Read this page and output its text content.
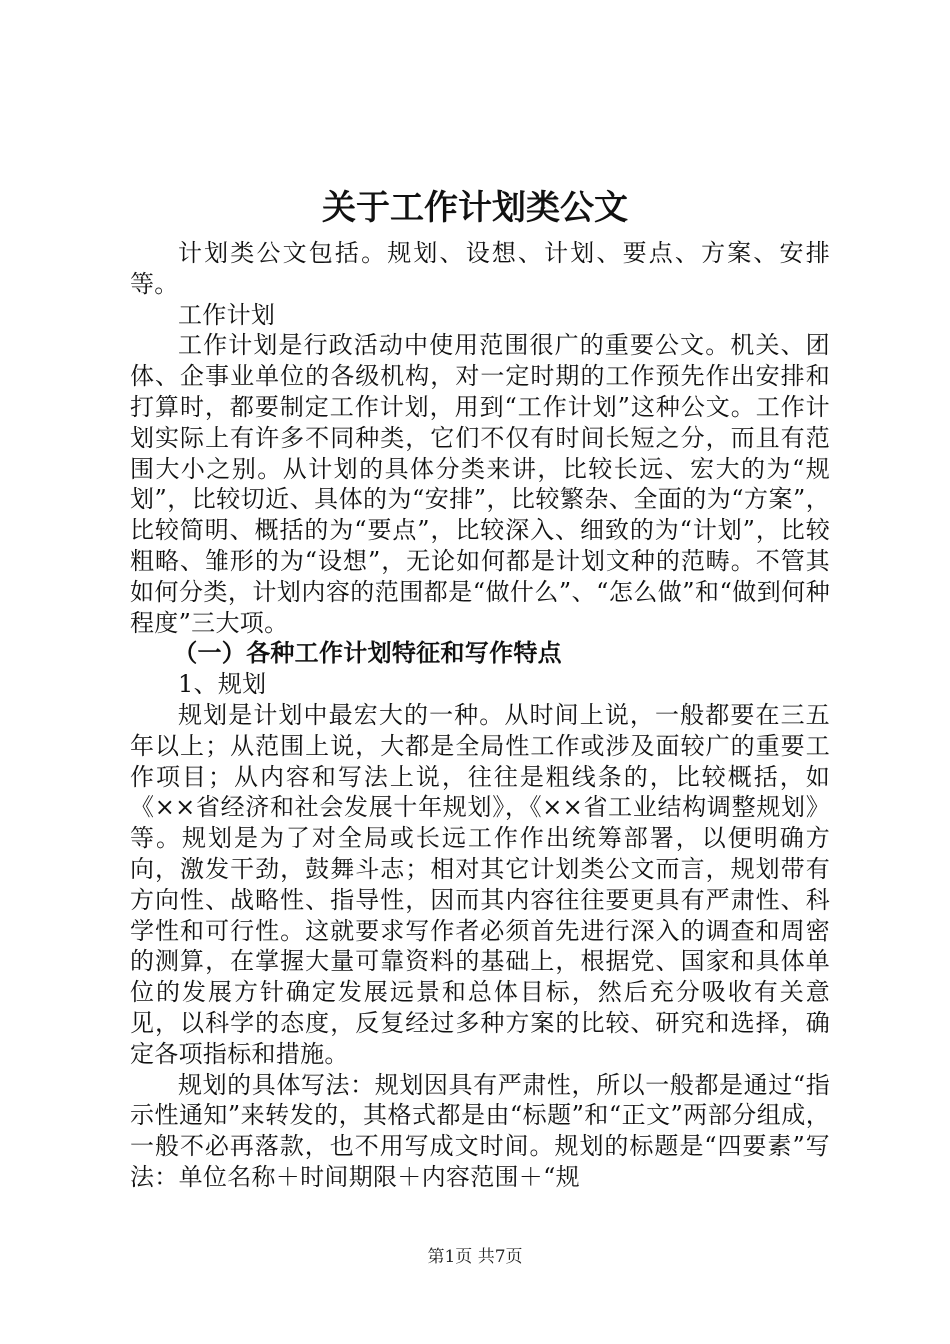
关于工作计划类公文

计划类公文包括。规划、设想、计划、要点、方案、安排等。

工作计划

工作计划是行政活动中使用范围很广的重要公文。机关、团体、企事业单位的各级机构，对一定时期的工作预先作出安排和打算时，都要制定工作计划，用到“工作计划”这种公文。工作计划实际上有许多不同种类，它们不仅有时间长短之分，而且有范围大小之别。从计划的具体分类来讲，比较长远、宏大的为“规划”，比较切近、具体的为“安排”，比较繁杂、全面的为“方案”，比较简明、概括的为“要点”，比较深入、细致的为“计划”，比较粗略、雏形的为“设想”，无论如何都是计划文种的范畴。不管其如何分类，计划内容的范围都是“做什么”、“怎么做”和“做到何种程度”三大项。

（一）各种工作计划特征和写作特点

1、规划

规划是计划中最宏大的一种。从时间上说，一般都要在三五年以上；从范围上说，大都是全局性工作或涉及面较广的重要工作项目；从内容和写法上说，往往是粗线条的，比较概括，如《××省经济和社会发展十年规划》，《××省工业结构调整规划》等。规划是为了对全局或长远工作作出统筹部署，以便明确方向，激发干劲，鼓舞斗志；相对其它计划类公文而言，规划带有方向性、战略性、指导性，因而其内容往往要更具有严肃性、科学性和可行性。这就要求写作者必须首先进行深入的调查和周密的测算，在掌握大量可靠资料的基础上，根据党、国家和具体单位的发展方针确定发展远景和总体目标，然后充分吸收有关意见，以科学的态度，反复经过多种方案的比较、研究和选择，确定各项指标和措施。

规划的具体写法：规划因具有严肃性，所以一般都是通过“指示性通知”来转发的，其格式都是由“标题”和“正文”两部分组成，一般不必再落款，也不用写成文时间。规划的标题是“四要素”写法：单位名称＋时间期限＋内容范围＋“规

第1页 共7页
